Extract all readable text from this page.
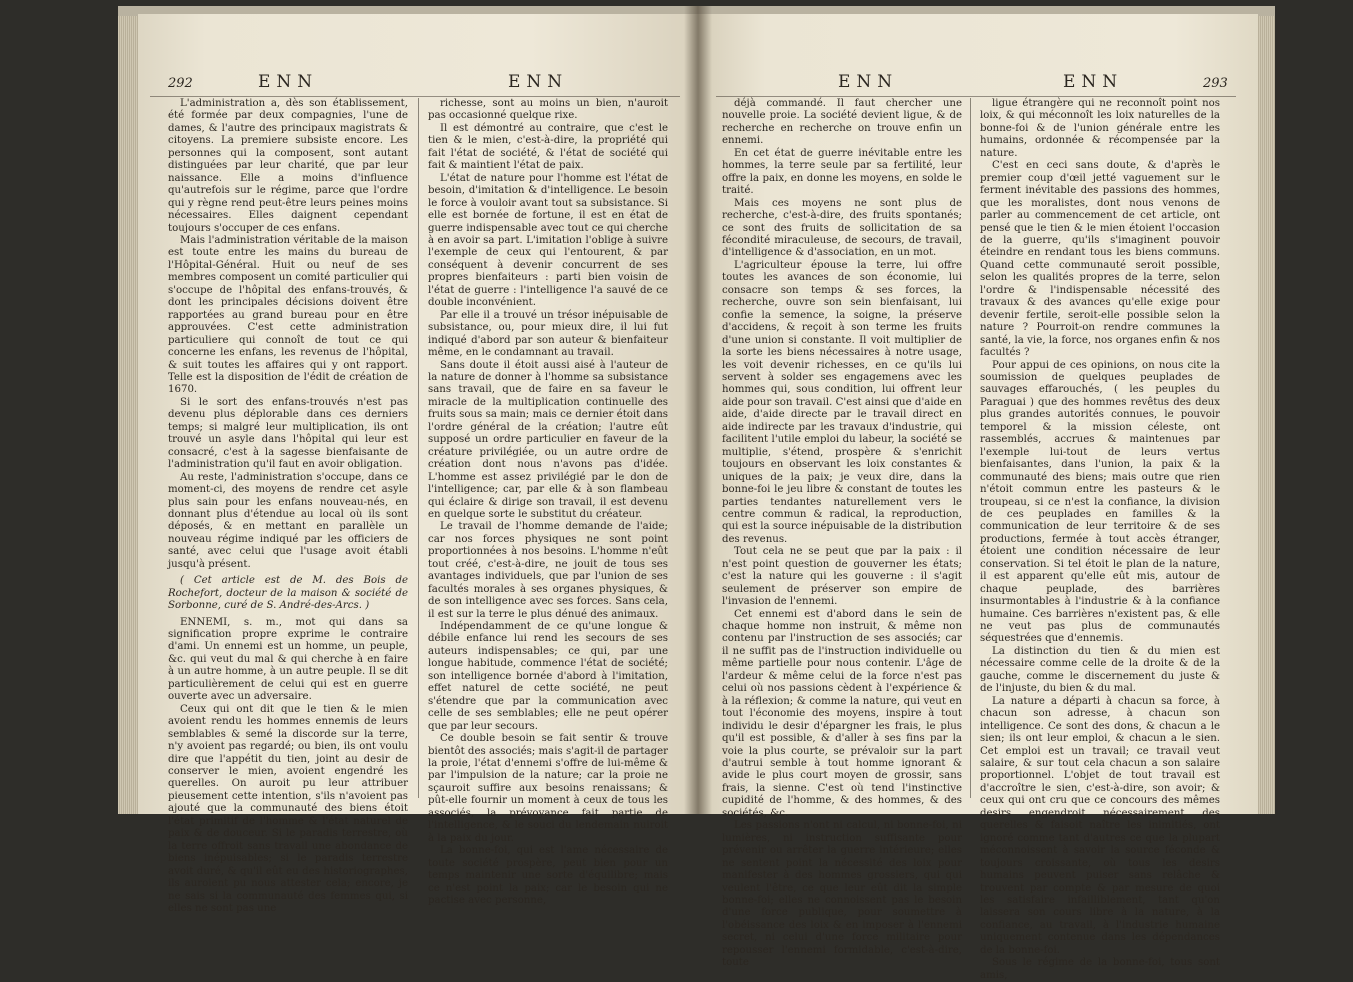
292	ENN	ENN

L'administration a, dès son établissement, été formée par deux compagnies, l'une de dames, & l'autre des principaux magistrats & citoyens. La premiere subsiste encore. Les personnes qui la composent, sont autant distinguées par leur charité, que par leur naissance. Elle a moins d'influence qu'autrefois sur le régime, parce que l'ordre qui y règne rend peut-être leurs peines moins nécessaires. Elles daignent cependant toujours s'occuper de ces enfans.

Mais l'administration véritable de la maison est toute entre les mains du bureau de l'Hôpital-Général. Huit ou neuf de ses membres composent un comité particulier qui s'occupe de l'hôpital des enfans-trouvés, & dont les principales décisions doivent être rapportées au grand bureau pour en être approuvées. C'est cette administration particuliere qui connoît de tout ce qui concerne les enfans, les revenus de l'hôpital, & suit toutes les affaires qui y ont rapport. Telle est la disposition de l'édit de création de 1670.

Si le sort des enfans-trouvés n'est pas devenu plus déplorable dans ces derniers temps; si malgré leur multiplication, ils ont trouvé un asyle dans l'hôpital qui leur est consacré, c'est à la sagesse bienfaisante de l'administration qu'il faut en avoir obligation.

Au reste, l'administration s'occupe, dans ce moment-ci, des moyens de rendre cet asyle plus sain pour les enfans nouveau-nés, en donnant plus d'étendue au local où ils sont déposés, & en mettant en parallèle un nouveau régime indiqué par les officiers de santé, avec celui que l'usage avoit établi jusqu'à présent.

( Cet article est de M. des Bois de Rochefort, docteur de la maison & société de Sorbonne, curé de S. André-des-Arcs. )

ENNEMI, s. m., mot qui dans sa signification propre exprime le contraire d'ami. Un ennemi est un homme, un peuple, &c. qui veut du mal & qui cherche à en faire à un autre homme, à un autre peuple. Il se dit particulièrement de celui qui est en guerre ouverte avec un adversaire.

Ceux qui ont dit que le tien & le mien avoient rendu les hommes ennemis de leurs semblables & semé la discorde sur la terre, n'y avoient pas regardé; ou bien, ils ont voulu dire que l'appétit du tien, joint au desir de conserver le mien, avoient engendré les querelles. On auroit pu leur attribuer pieusement cette intention, s'ils n'avoient pas ajouté que la communauté des biens étoit l'état primitif de l'homme & l'état naturel de paix & de douceur. Si le paradis terrestre, où la terre offroit sans travail une abondance de biens inépuisables; si le paradis terrestre avoit duré, & qu'il eût eu des historiographes, ils auroient pu nous attester cela; encore, je ne sais si la communauté des femmes qui, si elles ne sont pas une

richesse, sont au moins un bien, n'auroit pas occasionné quelque rixe.

Il est démontré au contraire, que c'est le tien & le mien, c'est-à-dire, la propriété qui fait l'état de société, & l'état de société qui fait & maintient l'état de paix.

L'état de nature pour l'homme est l'état de besoin, d'imitation & d'intelligence. Le besoin le force à vouloir avant tout sa subsistance. Si elle est bornée de fortune, il est en état de guerre indispensable avec tout ce qui cherche à en avoir sa part. L'imitation l'oblige à suivre l'exemple de ceux qui l'entourent, & par conséquent à devenir concurrent de ses propres bienfaiteurs : parti bien voisin de l'état de guerre : l'intelligence l'a sauvé de ce double inconvénient.

Par elle il a trouvé un trésor inépuisable de subsistance, ou, pour mieux dire, il lui fut indiqué d'abord par son auteur & bienfaiteur même, en le condamnant au travail.

Sans doute il étoit aussi aisé à l'auteur de la nature de donner à l'homme sa subsistance sans travail, que de faire en sa faveur le miracle de la multiplication continuelle des fruits sous sa main; mais ce dernier étoit dans l'ordre général de la création; l'autre eût supposé un ordre particulier en faveur de la créature privilégiée, ou un autre ordre de création dont nous n'avons pas d'idée. L'homme est assez privilégié par le don de l'intelligence; car, par elle & à son flambeau qui éclaire & dirige son travail, il est devenu en quelque sorte le substitut du créateur.

Le travail de l'homme demande de l'aide; car nos forces physiques ne sont point proportionnées à nos besoins. L'homme n'eût tout créé, c'est-à-dire, ne jouit de tous ses avantages individuels, que par l'union de ses facultés morales à ses organes physiques, & de son intelligence avec ses forces. Sans cela, il est sur la terre le plus dénué des animaux.

Indépendamment de ce qu'une longue & débile enfance lui rend les secours de ses auteurs indispensables; ce qui, par une longue habitude, commence l'état de société; son intelligence bornée d'abord à l'imitation, effet naturel de cette société, ne peut s'étendre que par la communication avec celle de ses semblables; elle ne peut opérer que par leur secours.

Ce double besoin se fait sentir & trouve bientôt des associés; mais s'agit-il de partager la proie, l'état d'ennemi s'offre de lui-même & par l'impulsion de la nature; car la proie ne sçauroit suffire aux besoins renaissans; & pût-elle fournir un moment à ceux de tous les associés, la prévoyance fait partie de l'intelligence, & le souci du lendemain nuiroit à la paix du jour.

La bonne-foi, qui est l'ame nécessaire de toute société prospère, peut bien pour un temps maintenir une sorte d'équilibre; mais ce n'est point la paix; car le besoin qui ne pactise avec personne,

ENN	ENN	293

déjà commandé. Il faut chercher une nouvelle proie. La société devient ligue, & de recherche en recherche on trouve enfin un ennemi.

En cet état de guerre inévitable entre les hommes, la terre seule par sa fertilité, leur offre la paix, en donne les moyens, en solde le traité.

Mais ces moyens ne sont plus de recherche, c'est-à-dire, des fruits spontanés; ce sont des fruits de sollicitation de sa fécondité miraculeuse, de secours, de travail, d'intelligence & d'association, en un mot.

L'agriculteur épouse la terre, lui offre toutes les avances de son économie, lui consacre son temps & ses forces, la recherche, ouvre son sein bienfaisant, lui confie la semence, la soigne, la préserve d'accidens, & reçoit à son terme les fruits d'une union si constante. Il voit multiplier de la sorte les biens nécessaires à notre usage, les voit devenir richesses, en ce qu'ils lui servent à solder ses engagemens avec les hommes qui, sous condition, lui offrent leur aide pour son travail. C'est ainsi que d'aide en aide, d'aide directe par le travail direct en aide indirecte par les travaux d'industrie, qui facilitent l'utile emploi du labeur, la société se multiplie, s'étend, prospère & s'enrichit toujours en observant les loix constantes & uniques de la paix; je veux dire, dans la bonne-foi le jeu libre & constant de toutes les parties tendantes naturellement vers le centre commun & radical, la reproduction, qui est la source inépuisable de la distribution des revenus.

Tout cela ne se peut que par la paix : il n'est point question de gouverner les états; c'est la nature qui les gouverne : il s'agit seulement de préserver son empire de l'invasion de l'ennemi.

Cet ennemi est d'abord dans le sein de chaque homme non instruit, & même non contenu par l'instruction de ses associés; car il ne suffit pas de l'instruction individuelle ou même partielle pour nous contenir. L'âge de l'ardeur & même celui de la force n'est pas celui où nos passions cèdent à l'expérience & à la réflexion; & comme la nature, qui veut en tout l'économie des moyens, inspire à tout individu le desir d'épargner les frais, le plus qu'il est possible, & d'aller à ses fins par la voie la plus courte, se prévaloir sur la part d'autrui semble à tout homme ignorant & avide le plus court moyen de grossir, sans frais, la sienne. C'est où tend l'instinctive cupidité de l'homme, & des hommes, & des sociétés, &c.

Les passions n'ont ni calcul, ni bonne-foi, ni lumières, ni instruction suffisante pour prévenir ou arrêter la guerre intérieure; elles ne sentent point la nécessité des loix pour manifester à des hommes grossiers, qui qui veulent l'être, ce que leur eût dit la simple bonne-foi; elles ne connoissent pas le besoin d'une force publique, pour soumettre à l'obéissance des loix & en imposer à l'ennemi secret, ni celui d'une force militaire pour repousser l'ennemi formidable, c'est-à-dire, toute

ligue étrangère qui ne reconnoît point nos loix, & qui méconnoît les loix naturelles de la bonne-foi & de l'union générale entre les humains, ordonnée & récompensée par la nature.

C'est en ceci sans doute, & d'après le premier coup d'œil jetté vaguement sur le ferment inévitable des passions des hommes, que les moralistes, dont nous venons de parler au commencement de cet article, ont pensé que le tien & le mien étoient l'occasion de la guerre, qu'ils s'imaginent pouvoir éteindre en rendant tous les biens communs. Quand cette communauté seroit possible, selon les qualités propres de la terre, selon l'ordre & l'indispensable nécessité des travaux & des avances qu'elle exige pour devenir fertile, seroit-elle possible selon la nature ? Pourroit-on rendre communes la santé, la vie, la force, nos organes enfin & nos facultés ?

Pour appui de ces opinions, on nous cite la soumission de quelques peuplades de sauvages effarouchés, ( les peuples du Paraguai ) que des hommes revêtus des deux plus grandes autorités connues, le pouvoir temporel & la mission céleste, ont rassemblés, accrues & maintenues par l'exemple lui-tout de leurs vertus bienfaisantes, dans l'union, la paix & la communauté des biens; mais outre que rien n'étoit commun entre les pasteurs & le troupeau, si ce n'est la confiance, la division de ces peuplades en familles & la communication de leur territoire & de ses productions, fermée à tout accès étranger, étoient une condition nécessaire de leur conservation. Si tel étoit le plan de la nature, il est apparent qu'elle eût mis, autour de chaque peuplade, des barrières insurmontables à l'industrie & à la confiance humaine. Ces barrières n'existent pas, & elle ne veut pas plus de communautés séquestrées que d'ennemis.

La distinction du tien & du mien est nécessaire comme celle de la droite & de la gauche, comme le discernement du juste & de l'injuste, du bien & du mal.

La nature a départi à chacun sa force, à chacun son adresse, à chacun son intelligence. Ce sont des dons, & chacun a le sien; ils ont leur emploi, & chacun a le sien. Cet emploi est un travail; ce travail veut salaire, & sur tout cela chacun a son salaire proportionnel. L'objet de tout travail est d'accroître le sien, c'est-à-dire, son avoir; & ceux qui ont cru que ce concours des mêmes desirs engendroit nécessairement des querelles & faisoit naître les inimitiés, ont ignoré comme tant d'autres ce que la plupart méconnoissent à savoir la source féconde & toujours croissante, où tous les desirs humains peuvent puiser sans relâche & trouvent par compte & par mesure de quoi les satisfaire infailliblement, tant qu'on laissera son cours libre à la nature, à la confiance, au travail, à l'industrie humaine uniquement contenue dans les dépendances de la bonne-foi.

Sous le régime de la bonne-foi, tous sont amis,
